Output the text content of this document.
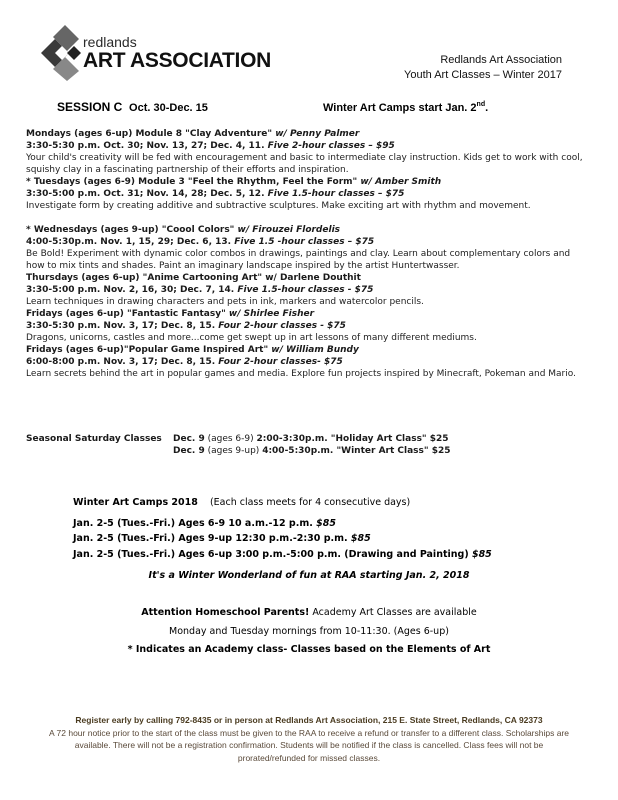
redlands
ART ASSOCIATION	Redlands Art Association
Youth Art Classes – Winter 2017
SESSION C Oct. 30-Dec. 15	Winter Art Camps start Jan. 2nd.
Mondays (ages 6-up) Module 8 "Clay Adventure" w/ Penny Palmer
3:30-5:30 p.m. Oct. 30; Nov. 13, 27; Dec. 4, 11. Five 2-hour classes – $95
Your child's creativity will be fed with encouragement and basic to intermediate clay instruction. Kids get to work with cool,
squishy clay in a fascinating partnership of their efforts and inspiration.
* Tuesdays (ages 6-9) Module 3 "Feel the Rhythm, Feel the Form" w/ Amber Smith
3:30-5:00 p.m. Oct. 31; Nov. 14, 28; Dec. 5, 12. Five 1.5-hour classes – $75
Investigate form by creating additive and subtractive sculptures. Make exciting art with rhythm and movement.
* Wednesdays (ages 9-up) "Coool Colors" w/ Firouzei Flordelis
4:00-5:30p.m. Nov. 1, 15, 29; Dec. 6, 13. Five 1.5 -hour classes – $75
Be Bold! Experiment with dynamic color combos in drawings, paintings and clay. Learn about complementary colors and
how to mix tints and shades. Paint an imaginary landscape inspired by the artist Huntertwasser.
Thursdays (ages 6-up) "Anime Cartooning Art" w/ Darlene Douthit
3:30-5:00 p.m. Nov. 2, 16, 30; Dec. 7, 14. Five 1.5-hour classes - $75
Learn techniques in drawing characters and pets in ink, markers and watercolor pencils.
Fridays (ages 6-up) "Fantastic Fantasy" w/ Shirlee Fisher
3:30-5:30 p.m. Nov. 3, 17; Dec. 8, 15. Four 2-hour classes - $75
Dragons, unicorns, castles and more...come get swept up in art lessons of many different mediums.
Fridays (ages 6-up)"Popular Game Inspired Art" w/ William Bundy
6:00-8:00 p.m. Nov. 3, 17; Dec. 8, 15. Four 2-hour classes- $75
Learn secrets behind the art in popular games and media. Explore fun projects inspired by Minecraft, Pokeman and Mario.
Seasonal Saturday Classes Dec. 9 (ages 6-9) 2:00-3:30p.m. "Holiday Art Class" $25
Dec. 9 (ages 9-up) 4:00-5:30p.m. "Winter Art Class" $25
Winter Art Camps 2018 (Each class meets for 4 consecutive days)
Jan. 2-5 (Tues.-Fri.) Ages 6-9 10 a.m.-12 p.m. $85
Jan. 2-5 (Tues.-Fri.) Ages 9-up 12:30 p.m.-2:30 p.m. $85
Jan. 2-5 (Tues.-Fri.) Ages 6-up 3:00 p.m.-5:00 p.m. (Drawing and Painting) $85
It's a Winter Wonderland of fun at RAA starting Jan. 2, 2018
Attention Homeschool Parents! Academy Art Classes are available
Monday and Tuesday mornings from 10-11:30. (Ages 6-up)
* Indicates an Academy class- Classes based on the Elements of Art
Register early by calling 792-8435 or in person at Redlands Art Association, 215 E. State Street, Redlands, CA 92373
A 72 hour notice prior to the start of the class must be given to the RAA to receive a refund or transfer to a different class. Scholarships are
available. There will not be a registration confirmation. Students will be notified if the class is cancelled. Class fees will not be
prorated/refunded for missed classes.
